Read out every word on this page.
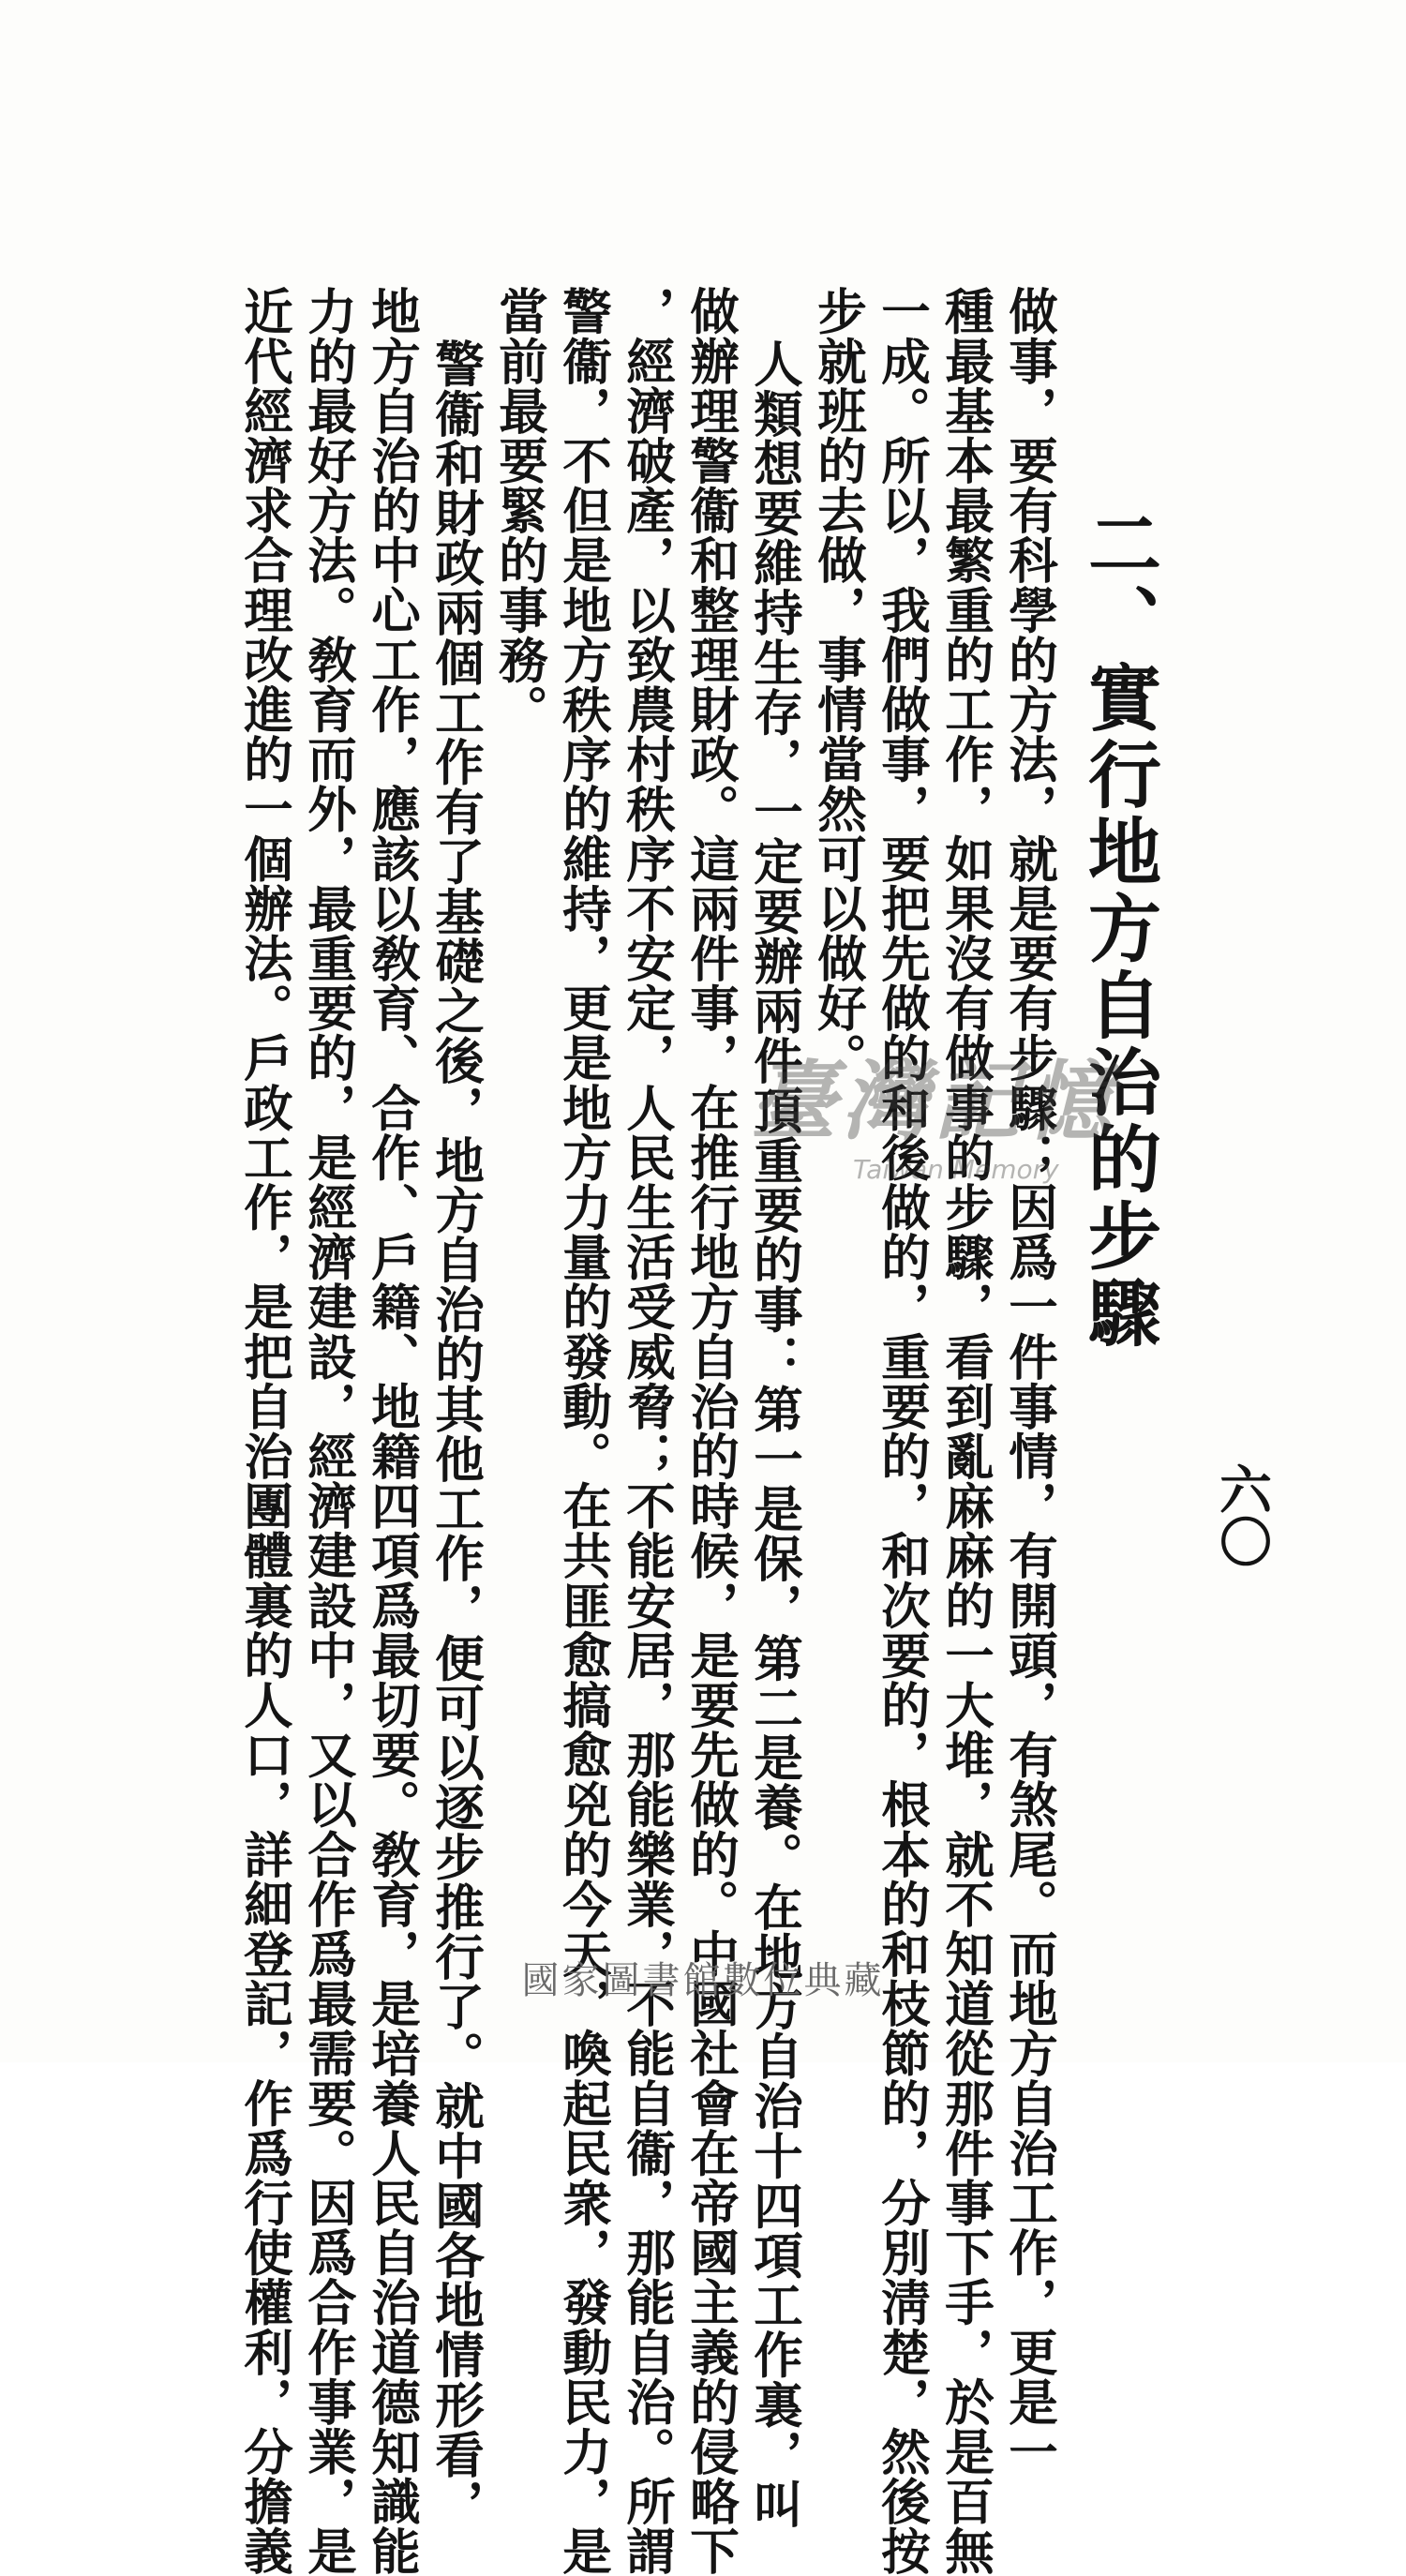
六〇
二、實行地方自治的步驟
做事，要有科學的方法，就是要有步驟；因爲一件事情，有開頭，有煞尾。而地方自治工作，更是一
種最基本最繁重的工作，如果沒有做事的步驟，看到亂麻麻的一大堆，就不知道從那件事下手，於是百無
一成。所以，我們做事，要把先做的和後做的，重要的，和次要的，根本的和枝節的，分別淸楚，然後按
步就班的去做，事情當然可以做好。
人類想要維持生存，一定要辦兩件頂重要的事：第一是保，第二是養。在地方自治十四項工作裏，叫
做辦理警衞和整理財政。這兩件事，在推行地方自治的時候，是要先做的。中國社會在帝國主義的侵略下
，經濟破產，以致農村秩序不安定，人民生活受威脅；不能安居，那能樂業，不能自衞，那能自治。所謂
警衞，不但是地方秩序的維持，更是地方力量的發動。在共匪愈搞愈兇的今天，喚起民衆，發動民力，是
當前最要緊的事務。
警衞和財政兩個工作有了基礎之後，地方自治的其他工作，便可以逐步推行了。就中國各地情形看，
地方自治的中心工作，應該以敎育、合作、戶籍、地籍四項爲最切要。敎育，是培養人民自治道德知識能
力的最好方法。敎育而外，最重要的，是經濟建設，經濟建設中，又以合作爲最需要。因爲合作事業，是
近代經濟求合理改進的一個辦法。戶政工作，是把自治團體裏的人口，詳細登記，作爲行使權利，分擔義	臺灣記憶
Taiwan Memory
國家圖書館數位典藏
